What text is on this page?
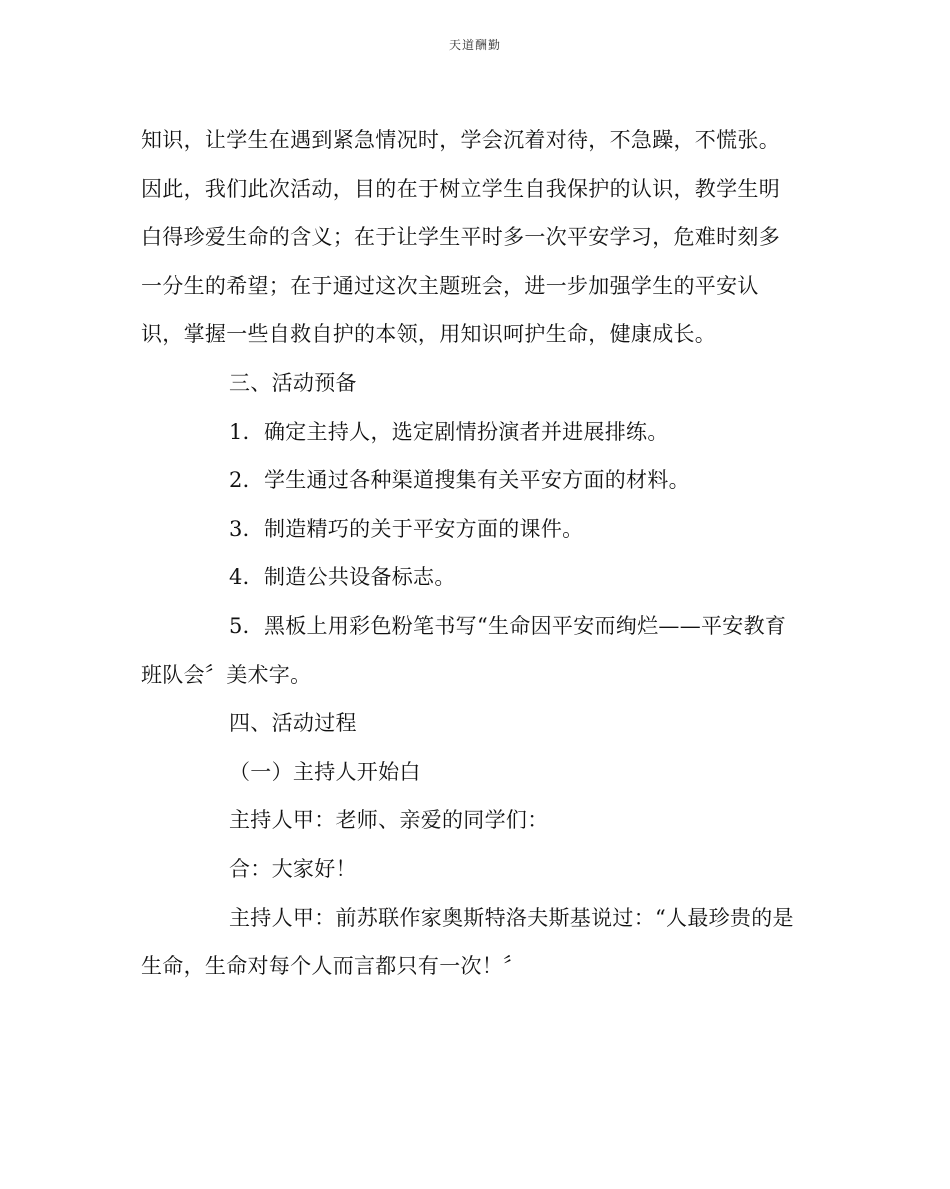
天道酬勤

知识，让学生在遇到紧急情况时，学会沉着对待，不急躁，不慌张。

因此，我们此次活动，目的在于树立学生自我保护的认识，教学生明

白得珍爱生命的含义；在于让学生平时多一次平安学习，危难时刻多

一分生的希望；在于通过这次主题班会，进一步加强学生的平安认

识，掌握一些自救自护的本领，用知识呵护生命，健康成长。

三、活动预备

1．确定主持人，选定剧情扮演者并进展排练。

2．学生通过各种渠道搜集有关平安方面的材料。

3．制造精巧的关于平安方面的课件。

4．制造公共设备标志。

5．黑板上用彩色粉笔书写“生命因平安而绚烂——平安教育

班队会〞美术字。

四、活动过程

（一）主持人开始白

主持人甲：老师、亲爱的同学们：

合：大家好！

主持人甲：前苏联作家奥斯特洛夫斯基说过：“人最珍贵的是

生命，生命对每个人而言都只有一次！〞
